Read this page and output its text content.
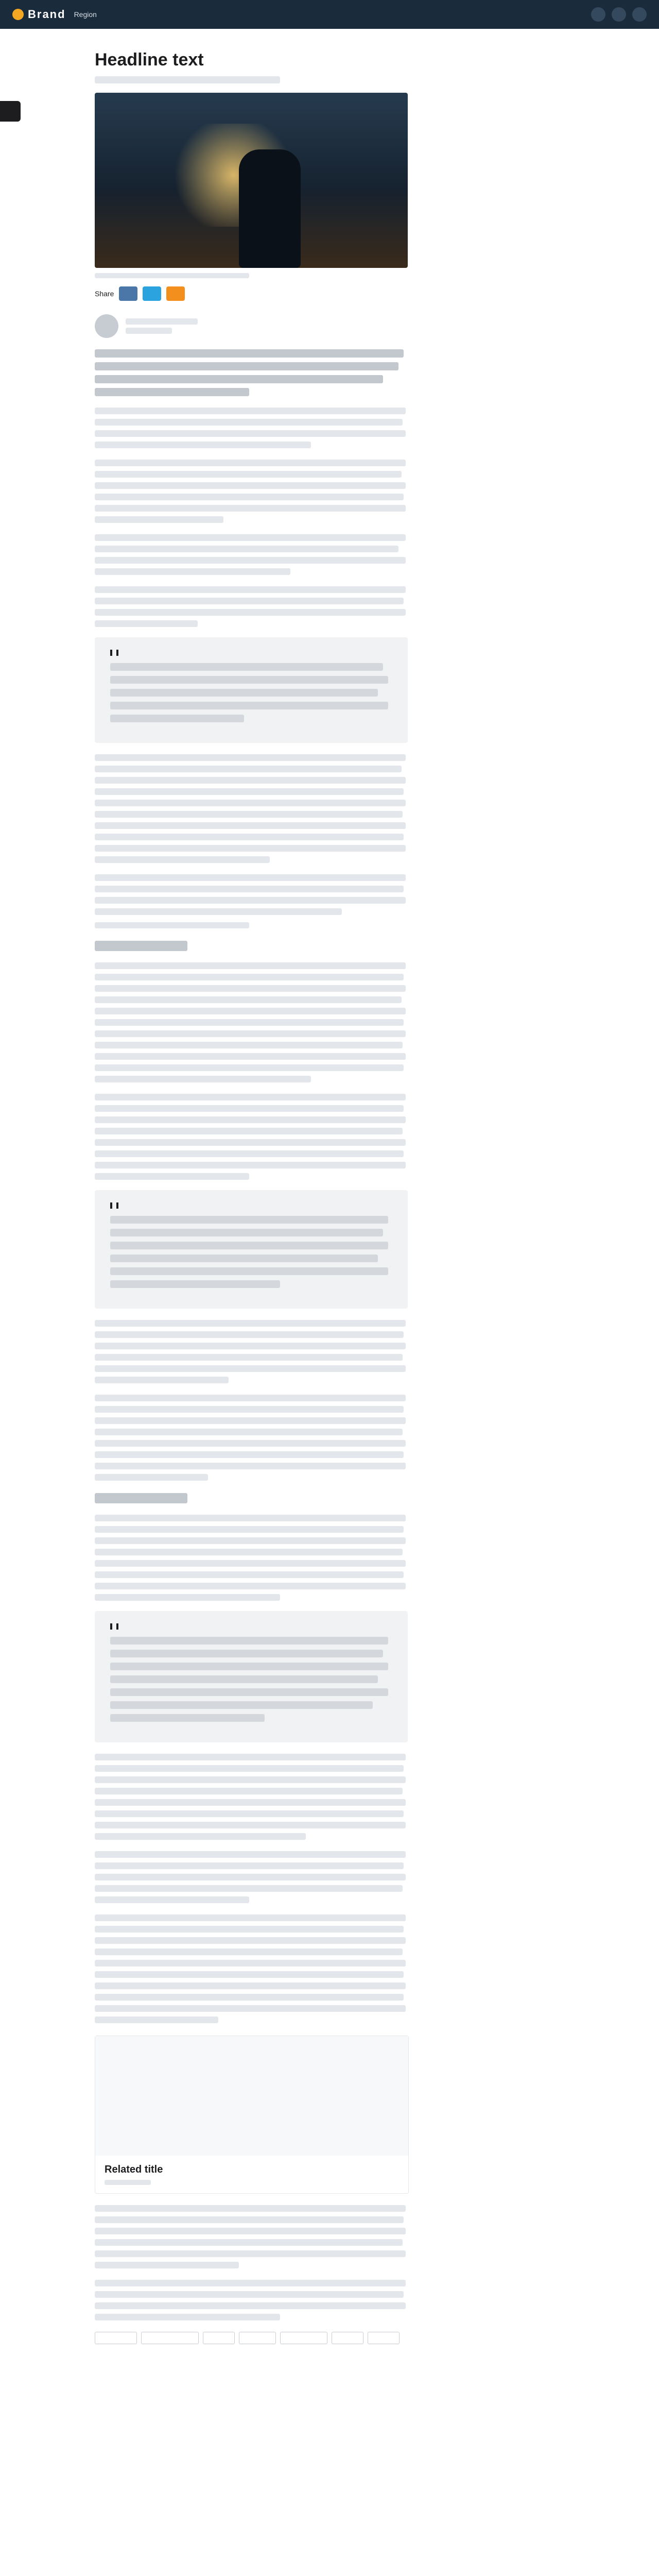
Brand Region
Headline text
Share
Related title
